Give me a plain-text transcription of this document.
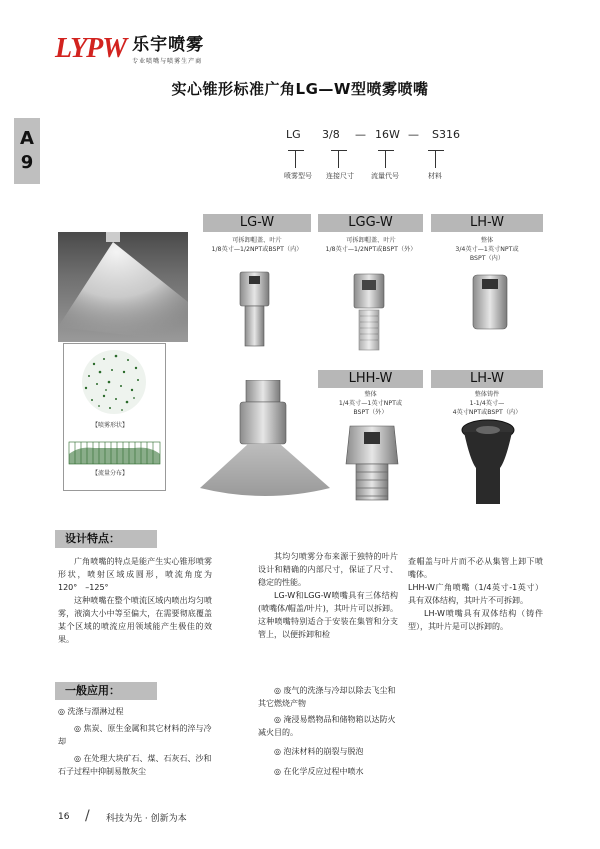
LYPW 乐宇喷雾
专业喷嘴与喷雾生产商
实心锥形标准广角LG—W型喷雾喷嘴
A
9
LG 3/8 — 16W — S316
喷雾型号 连接尺寸 流量代号	材料
【喷雾形状】
【流量分布】
LG-W
可拆卸帽盖、叶片
1/8英寸—1/2NPT或BSPT（内）
LGG-W
可拆卸帽盖、叶片
1/8英寸—1/2NPT或BSPT（外）
LH-W
整体
3/4英寸—1英寸NPT或
BSPT（内）
LHH-W
整体
1/4英寸—1英寸NPT或
BSPT（外）
LH-W
整体铸件
1-1/4英寸—
4英寸NPT或BSPT（内）
设计特点：

广角喷嘴的特点是能产生实心锥形喷雾形状，喷射区域成圆形，喷流角度为120°　–125°

这种喷嘴在整个喷流区域内喷出均匀喷雾，液滴大小中等至偏大，在需要彻底覆盖某个区域的喷流应用领域能产生极佳的效果。

其均匀喷雾分布来源于独特的叶片设计和精确的内部尺寸，保证了尺寸、稳定的性能。

LG-W和LGG-W喷嘴具有三体结构(喷嘴体/帽盖/叶片)，其叶片可以拆卸。这种喷嘴特别适合于安装在集管和分支管上，以便拆卸和检

查帽盖与叶片而不必从集管上卸下喷嘴体。

LHH-W广角喷嘴（1/4英寸-1英寸）具有双体结构，其叶片不可拆卸。

LH-W喷嘴具有双体结构（铸件型），其叶片是可以拆卸的。

一般应用：
◎ 洗涤与漂淋过程
◎ 焦炭、原生金属和其它材料的淬与冷却
◎ 在处理大块矿石、煤、石灰石、沙和石子过程中抑制易散灰尘
◎ 废气的洗涤与冷却以除去飞尘和其它燃烧产物
◎ 淹浸易燃物品和储物箱以达防火减火目的。
◎ 泡沫材料的崩裂与脱泡
◎ 在化学反应过程中喷水
16 / 科技为先 · 创新为本
